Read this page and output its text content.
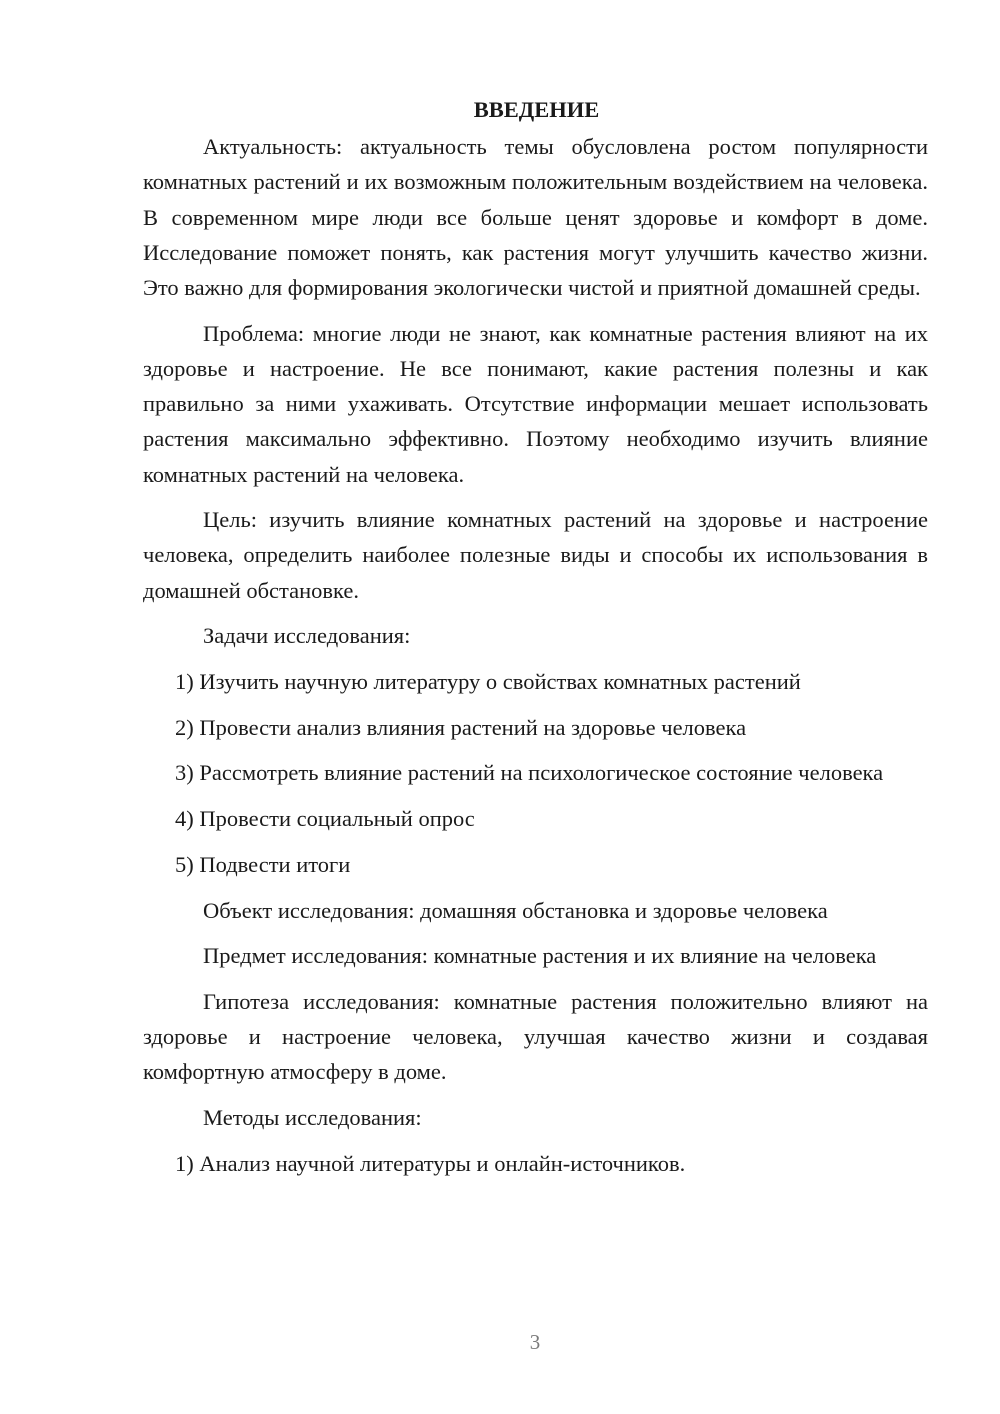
ВВЕДЕНИЕ

Актуальность: актуальность темы обусловлена ростом популярности комнатных растений и их возможным положительным воздействием на человека. В современном мире люди все больше ценят здоровье и комфорт в доме. Исследование поможет понять, как растения могут улучшить качество жизни. Это важно для формирования экологически чистой и приятной домашней среды.

Проблема: многие люди не знают, как комнатные растения влияют на их здоровье и настроение. Не все понимают, какие растения полезны и как правильно за ними ухаживать. Отсутствие информации мешает использовать растения максимально эффективно. Поэтому необходимо изучить влияние комнатных растений на человека.

Цель: изучить влияние комнатных растений на здоровье и настроение человека, определить наиболее полезные виды и способы их использования в домашней обстановке.

Задачи исследования:

1) Изучить научную литературу о свойствах комнатных растений

2) Провести анализ влияния растений на здоровье человека

3) Рассмотреть влияние растений на психологическое состояние человека

4) Провести социальный опрос

5) Подвести итоги

Объект исследования: домашняя обстановка и здоровье человека

Предмет исследования: комнатные растения и их влияние на человека

Гипотеза исследования: комнатные растения положительно влияют на здоровье и настроение человека, улучшая качество жизни и создавая комфортную атмосферу в доме.

Методы исследования:

1) Анализ научной литературы и онлайн-источников.

3
